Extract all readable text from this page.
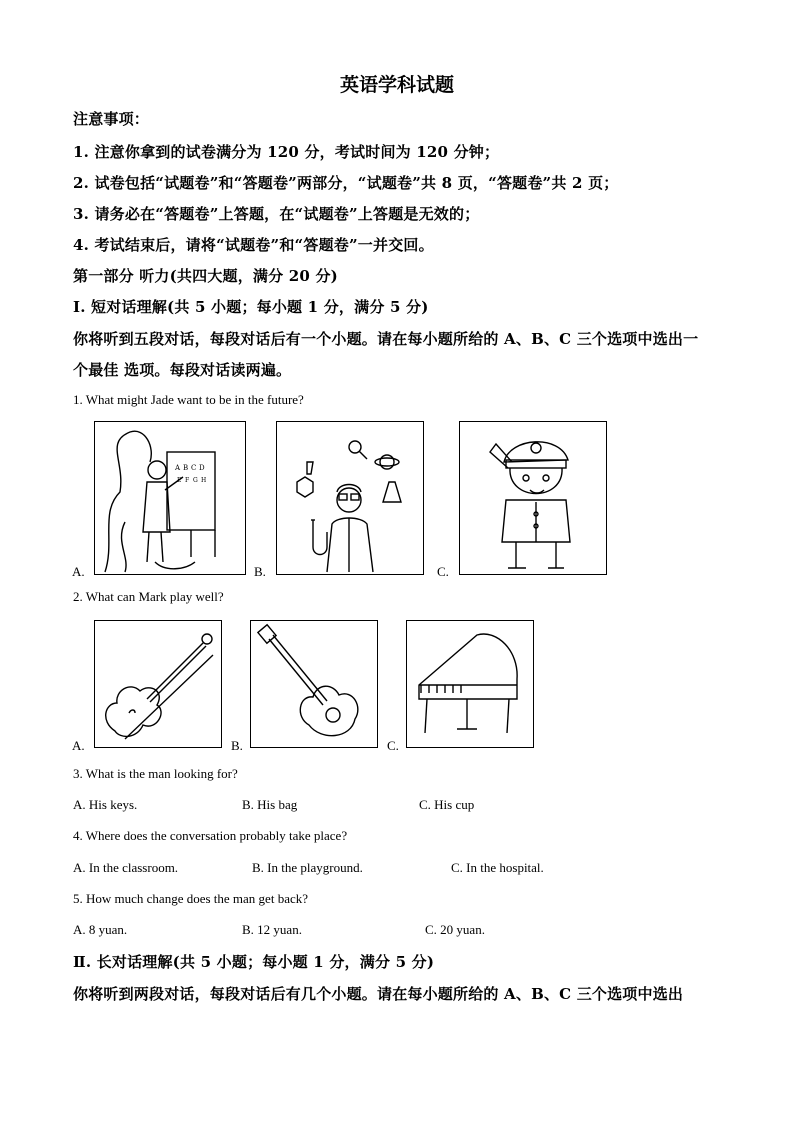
英语学科试题
注意事项：
1. 注意你拿到的试卷满分为 120 分，考试时间为 120 分钟；
2. 试卷包括“试题卷”和“答题卷”两部分，“试题卷”共 8 页，“答题卷”共 2 页；
3. 请务必在“答题卷”上答题，在“试题卷”上答题是无效的；
4. 考试结束后，请将“试题卷”和“答题卷”一并交回。
第一部分 听力(共四大题，满分 20 分)
I. 短对话理解(共 5 小题；每小题 1 分，满分 5 分)
你将听到五段对话，每段对话后有一个小题。请在每小题所给的 A、B、C 三个选项中选出一
个最佳 选项。每段对话读两遍。
1. What might Jade want to be in the future?
A.
A B C D
E F G H
B.	C.
2. What can Mark play well?
A.	B.	C.
3. What is the man looking for?
A. His keys.	B. His bag	C. His cup
4. Where does the conversation probably take place?
A. In the classroom.	B. In the playground.	C. In the hospital.
5. How much change does the man get back?
A. 8 yuan.	B. 12 yuan.	C. 20 yuan.
Ⅱ. 长对话理解(共 5 小题；每小题 1 分，满分 5 分)
你将听到两段对话，每段对话后有几个小题。请在每小题所给的 A、B、C 三个选项中选出
